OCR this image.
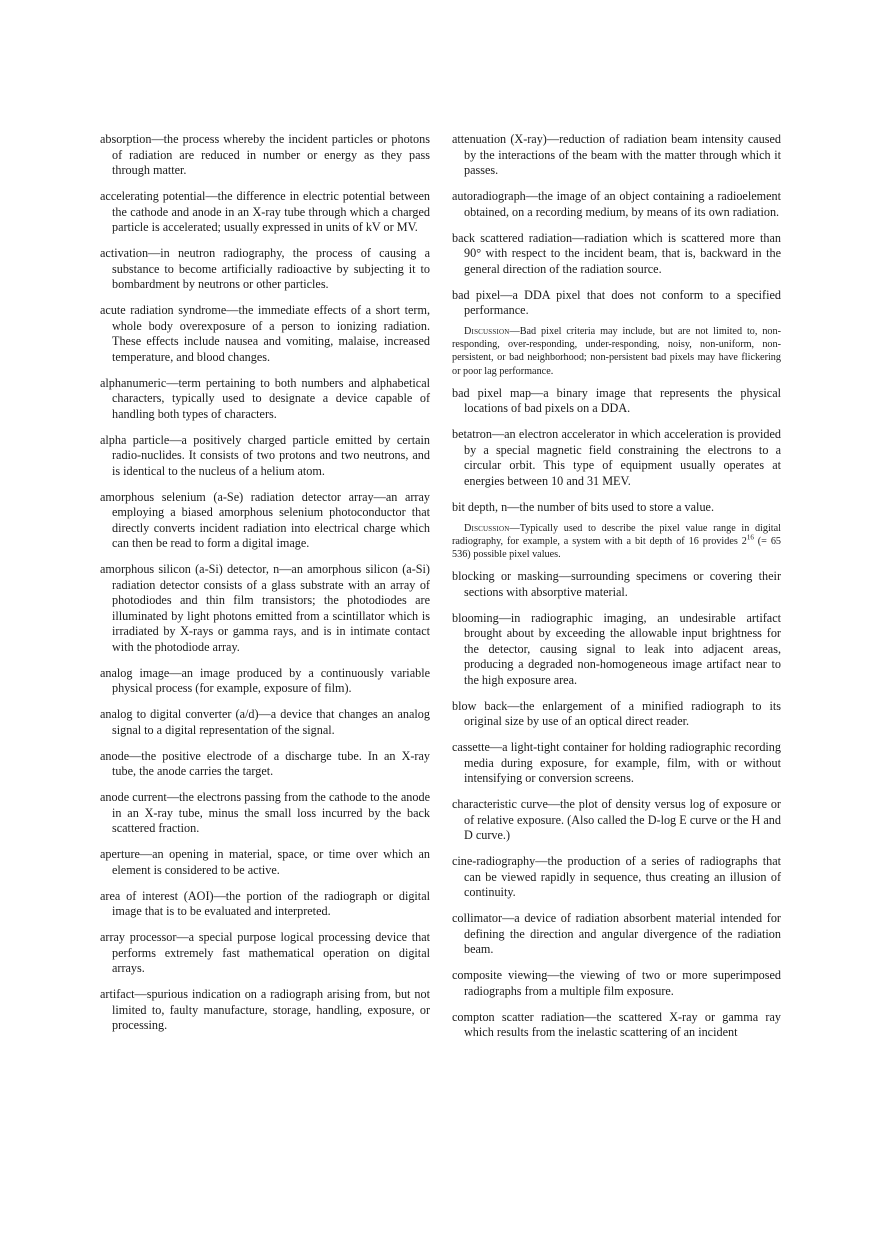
absorption—the process whereby the incident particles or photons of radiation are reduced in number or energy as they pass through matter.

accelerating potential—the difference in electric potential between the cathode and anode in an X-ray tube through which a charged particle is accelerated; usually expressed in units of kV or MV.

activation—in neutron radiography, the process of causing a substance to become artificially radioactive by subjecting it to bombardment by neutrons or other particles.

acute radiation syndrome—the immediate effects of a short term, whole body overexposure of a person to ionizing radiation. These effects include nausea and vomiting, malaise, increased temperature, and blood changes.

alphanumeric—term pertaining to both numbers and alphabetical characters, typically used to designate a device capable of handling both types of characters.

alpha particle—a positively charged particle emitted by certain radio-nuclides. It consists of two protons and two neutrons, and is identical to the nucleus of a helium atom.

amorphous selenium (a-Se) radiation detector array—an array employing a biased amorphous selenium photoconductor that directly converts incident radiation into electrical charge which can then be read to form a digital image.

amorphous silicon (a-Si) detector, n—an amorphous silicon (a-Si) radiation detector consists of a glass substrate with an array of photodiodes and thin film transistors; the photodiodes are illuminated by light photons emitted from a scintillator which is irradiated by X-rays or gamma rays, and is in intimate contact with the photodiode array.

analog image—an image produced by a continuously variable physical process (for example, exposure of film).

analog to digital converter (a/d)—a device that changes an analog signal to a digital representation of the signal.

anode—the positive electrode of a discharge tube. In an X-ray tube, the anode carries the target.

anode current—the electrons passing from the cathode to the anode in an X-ray tube, minus the small loss incurred by the back scattered fraction.

aperture—an opening in material, space, or time over which an element is considered to be active.

area of interest (AOI)—the portion of the radiograph or digital image that is to be evaluated and interpreted.

array processor—a special purpose logical processing device that performs extremely fast mathematical operation on digital arrays.

artifact—spurious indication on a radiograph arising from, but not limited to, faulty manufacture, storage, handling, exposure, or processing.

attenuation (X-ray)—reduction of radiation beam intensity caused by the interactions of the beam with the matter through which it passes.

autoradiograph—the image of an object containing a radioelement obtained, on a recording medium, by means of its own radiation.

back scattered radiation—radiation which is scattered more than 90° with respect to the incident beam, that is, backward in the general direction of the radiation source.

bad pixel—a DDA pixel that does not conform to a specified performance.

Discussion—Bad pixel criteria may include, but are not limited to, non-responding, over-responding, under-responding, noisy, non-uniform, non-persistent, or bad neighborhood; non-persistent bad pixels may have flickering or poor lag performance.

bad pixel map—a binary image that represents the physical locations of bad pixels on a DDA.

betatron—an electron accelerator in which acceleration is provided by a special magnetic field constraining the electrons to a circular orbit. This type of equipment usually operates at energies between 10 and 31 MEV.

bit depth, n—the number of bits used to store a value.

Discussion—Typically used to describe the pixel value range in digital radiography, for example, a system with a bit depth of 16 provides $2^{16}$ (= 65 536) possible pixel values.

blocking or masking—surrounding specimens or covering their sections with absorptive material.

blooming—in radiographic imaging, an undesirable artifact brought about by exceeding the allowable input brightness for the detector, causing signal to leak into adjacent areas, producing a degraded non-homogeneous image artifact near to the high exposure area.

blow back—the enlargement of a minified radiograph to its original size by use of an optical direct reader.

cassette—a light-tight container for holding radiographic recording media during exposure, for example, film, with or without intensifying or conversion screens.

characteristic curve—the plot of density versus log of exposure or of relative exposure. (Also called the D-log E curve or the H and D curve.)

cine-radiography—the production of a series of radiographs that can be viewed rapidly in sequence, thus creating an illusion of continuity.

collimator—a device of radiation absorbent material intended for defining the direction and angular divergence of the radiation beam.

composite viewing—the viewing of two or more superimposed radiographs from a multiple film exposure.

compton scatter radiation—the scattered X-ray or gamma ray which results from the inelastic scattering of an incident
